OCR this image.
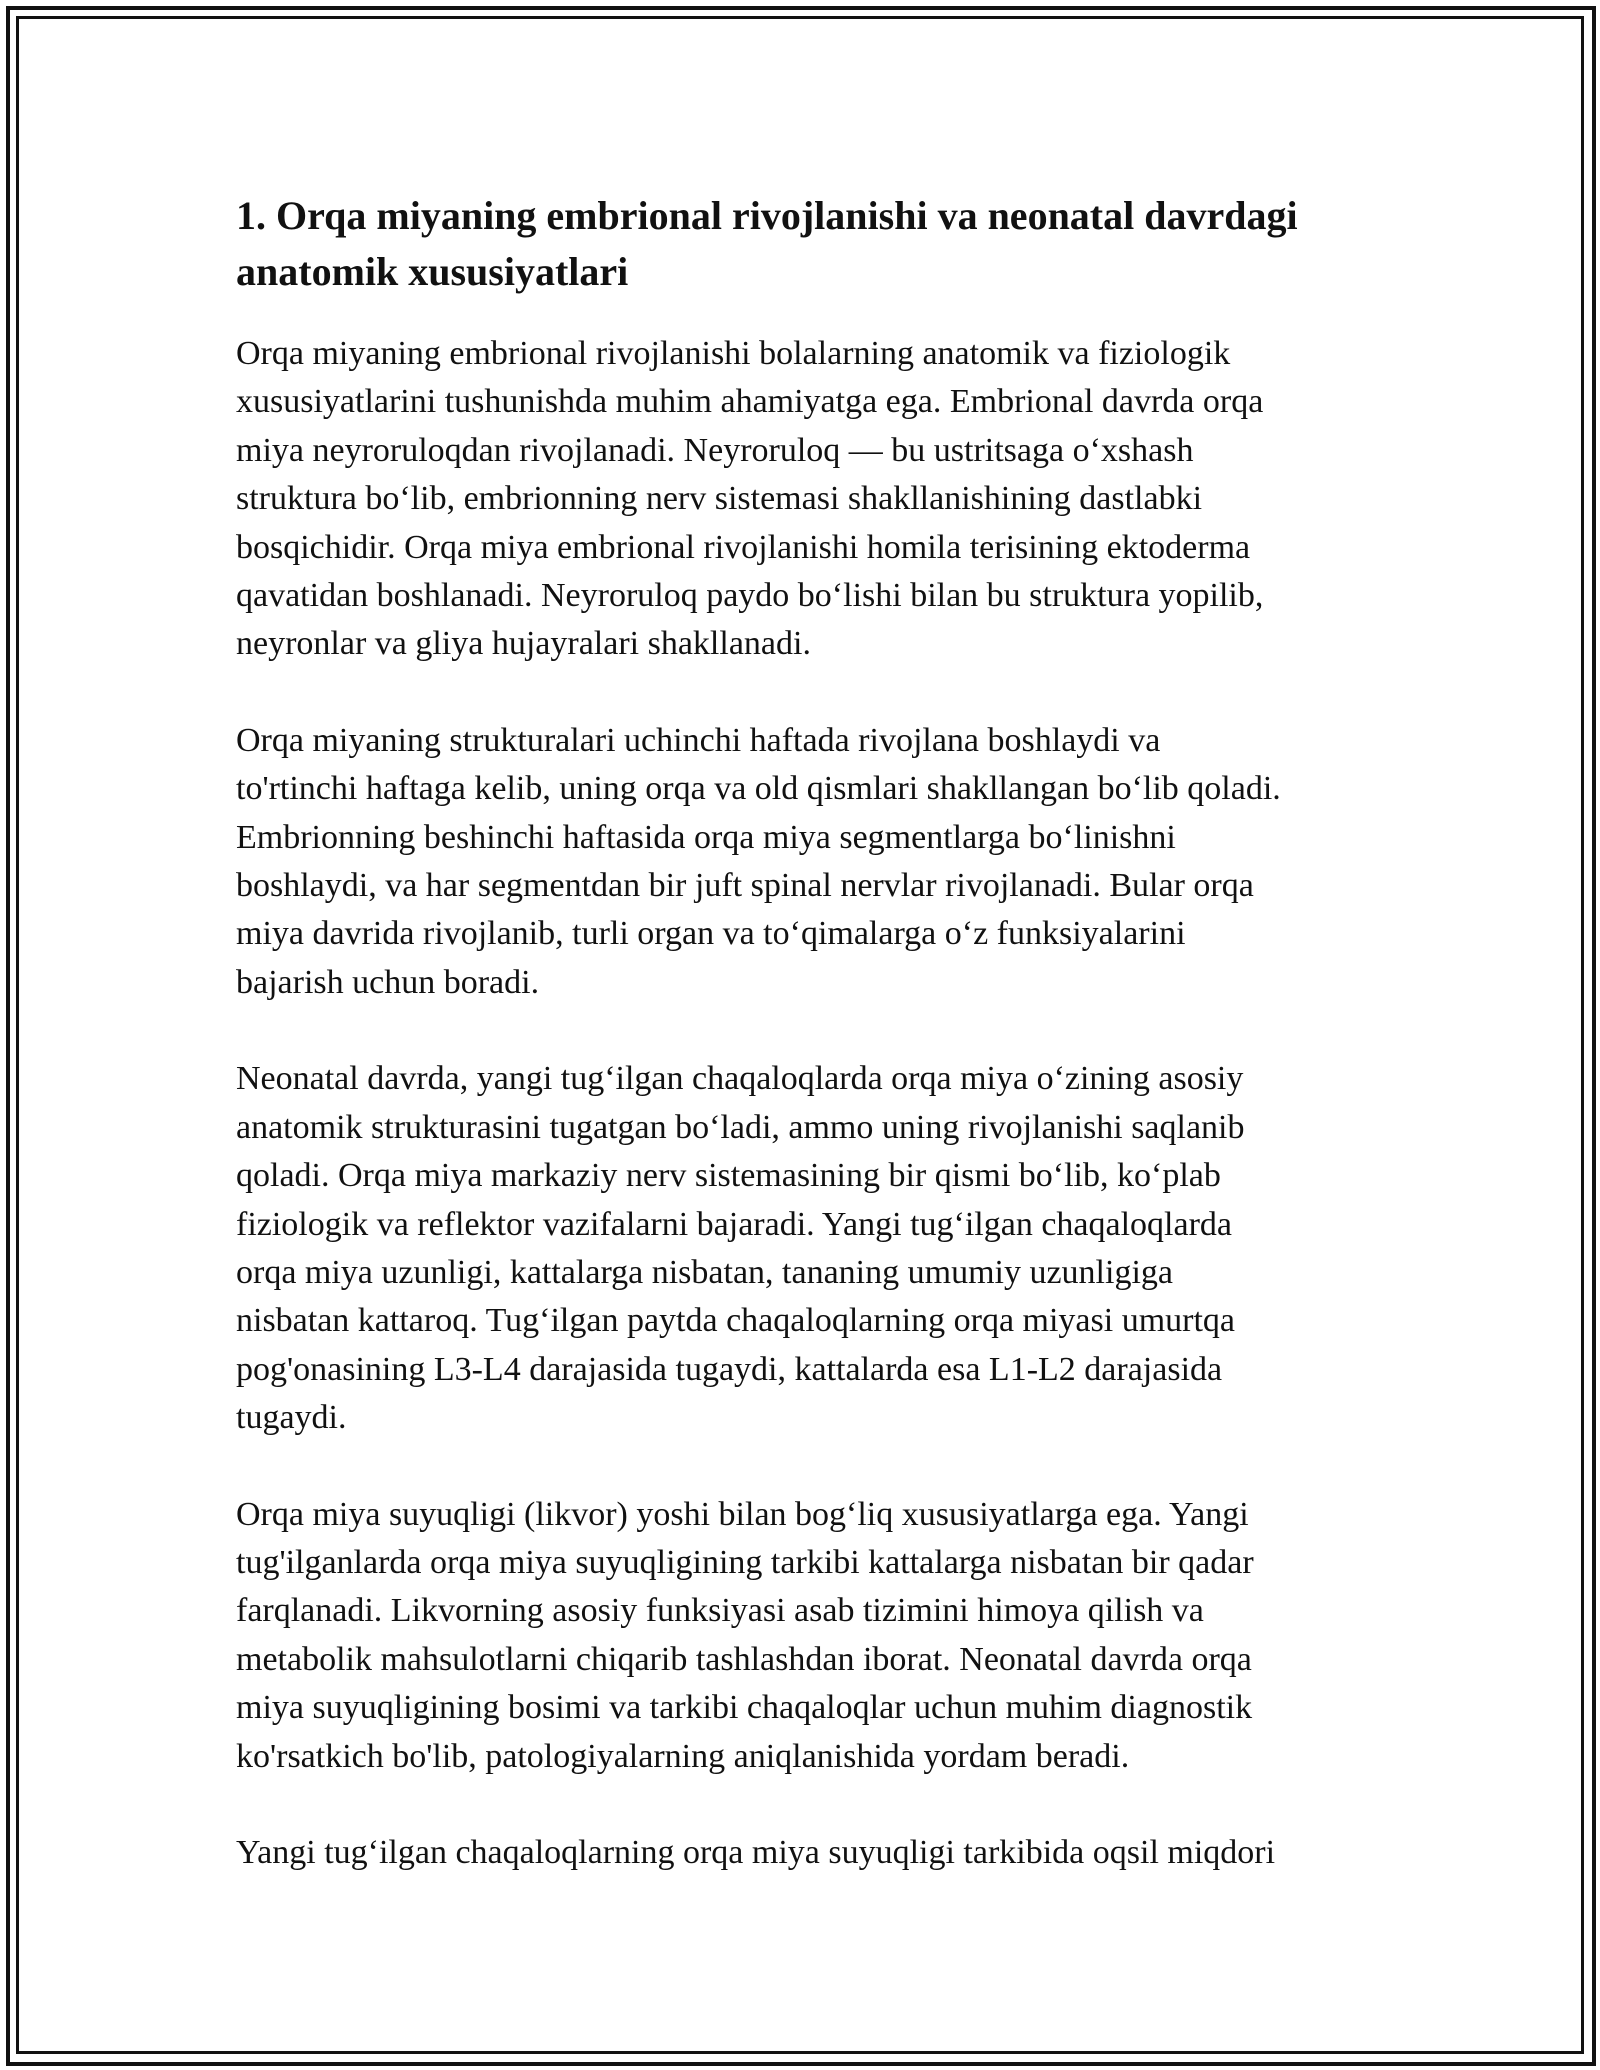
1. Orqa miyaning embrional rivojlanishi va neonatal davrdagi anatomik xususiyatlari

Orqa miyaning embrional rivojlanishi bolalarning anatomik va fiziologik
xususiyatlarini tushunishda muhim ahamiyatga ega. Embrional davrda orqa
miya neyroruloqdan rivojlanadi. Neyroruloq — bu ustritsaga o‘xshash
struktura bo‘lib, embrionning nerv sistemasi shakllanishining dastlabki
bosqichidir. Orqa miya embrional rivojlanishi homila terisining ektoderma
qavatidan boshlanadi. Neyroruloq paydo bo‘lishi bilan bu struktura yopilib,
neyronlar va gliya hujayralari shakllanadi.

Orqa miyaning strukturalari uchinchi haftada rivojlana boshlaydi va
to'rtinchi haftaga kelib, uning orqa va old qismlari shakllangan bo‘lib qoladi.
Embrionning beshinchi haftasida orqa miya segmentlarga bo‘linishni
boshlaydi, va har segmentdan bir juft spinal nervlar rivojlanadi. Bular orqa
miya davrida rivojlanib, turli organ va to‘qimalarga o‘z funksiyalarini
bajarish uchun boradi.

Neonatal davrda, yangi tug‘ilgan chaqaloqlarda orqa miya o‘zining asosiy
anatomik strukturasini tugatgan bo‘ladi, ammo uning rivojlanishi saqlanib
qoladi. Orqa miya markaziy nerv sistemasining bir qismi bo‘lib, ko‘plab
fiziologik va reflektor vazifalarni bajaradi. Yangi tug‘ilgan chaqaloqlarda
orqa miya uzunligi, kattalarga nisbatan, tananing umumiy uzunligiga
nisbatan kattaroq. Tug‘ilgan paytda chaqaloqlarning orqa miyasi umurtqa
pog'onasining L3-L4 darajasida tugaydi, kattalarda esa L1-L2 darajasida
tugaydi.

Orqa miya suyuqligi (likvor) yoshi bilan bog‘liq xususiyatlarga ega. Yangi
tug'ilganlarda orqa miya suyuqligining tarkibi kattalarga nisbatan bir qadar
farqlanadi. Likvorning asosiy funksiyasi asab tizimini himoya qilish va
metabolik mahsulotlarni chiqarib tashlashdan iborat. Neonatal davrda orqa
miya suyuqligining bosimi va tarkibi chaqaloqlar uchun muhim diagnostik
ko'rsatkich bo'lib, patologiyalarning aniqlanishida yordam beradi.

Yangi tug‘ilgan chaqaloqlarning orqa miya suyuqligi tarkibida oqsil miqdori
